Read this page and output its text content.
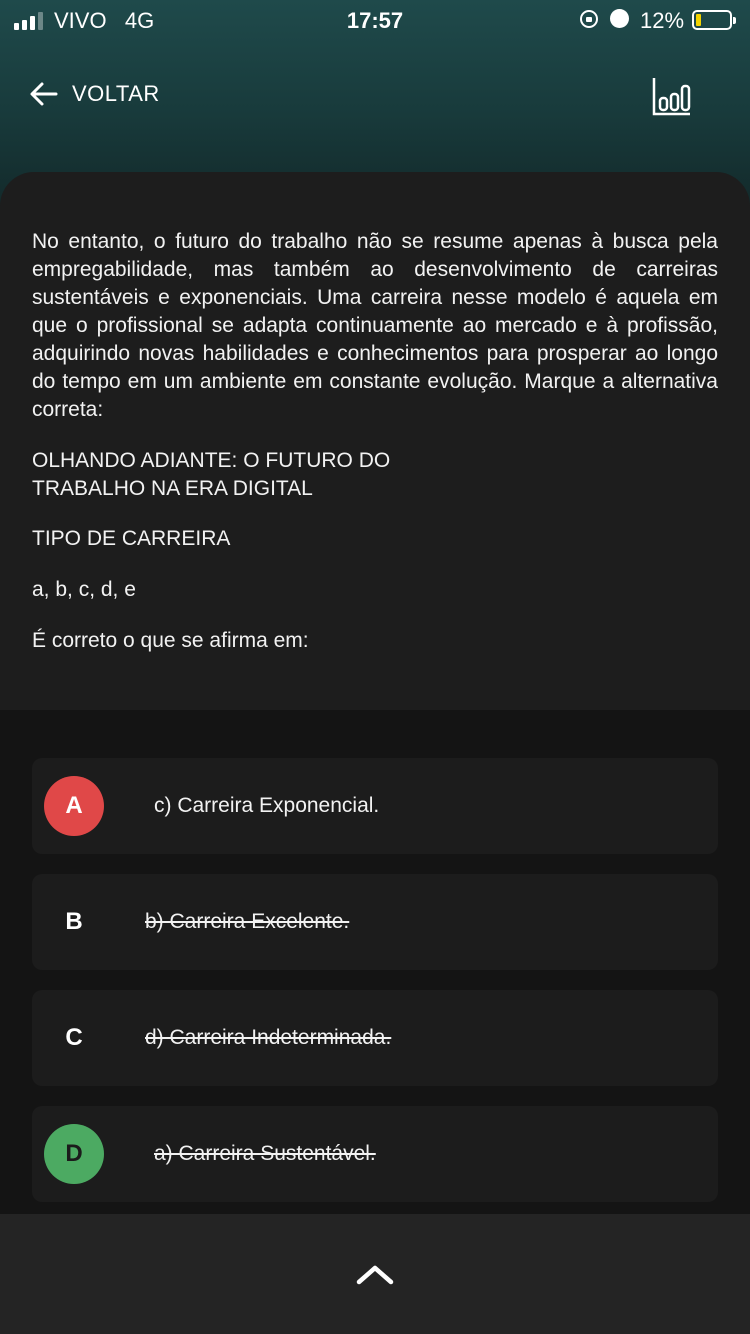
VIVO   4G	17:57	12%
VOLTAR
No entanto, o futuro do trabalho não se resume apenas à busca pela empregabilidade, mas também ao desenvolvimento de carreiras sustentáveis e exponenciais. Uma carreira nesse modelo é aquela em que o profissional se adapta continuamente ao mercado e à profissão, adquirindo novas habilidades e conhecimentos para prosperar ao longo do tempo em um ambiente em constante evolução. Marque a alternativa correta:
OLHANDO ADIANTE: O FUTURO DO
TRABALHO NA ERA DIGITAL
TIPO DE CARREIRA
a, b, c, d, e
É correto o que se afirma em:
A	c) Carreira Exponencial.
B	b) Carreira Excelente.
C	d) Carreira Indeterminada.
D	a) Carreira Sustentável.
